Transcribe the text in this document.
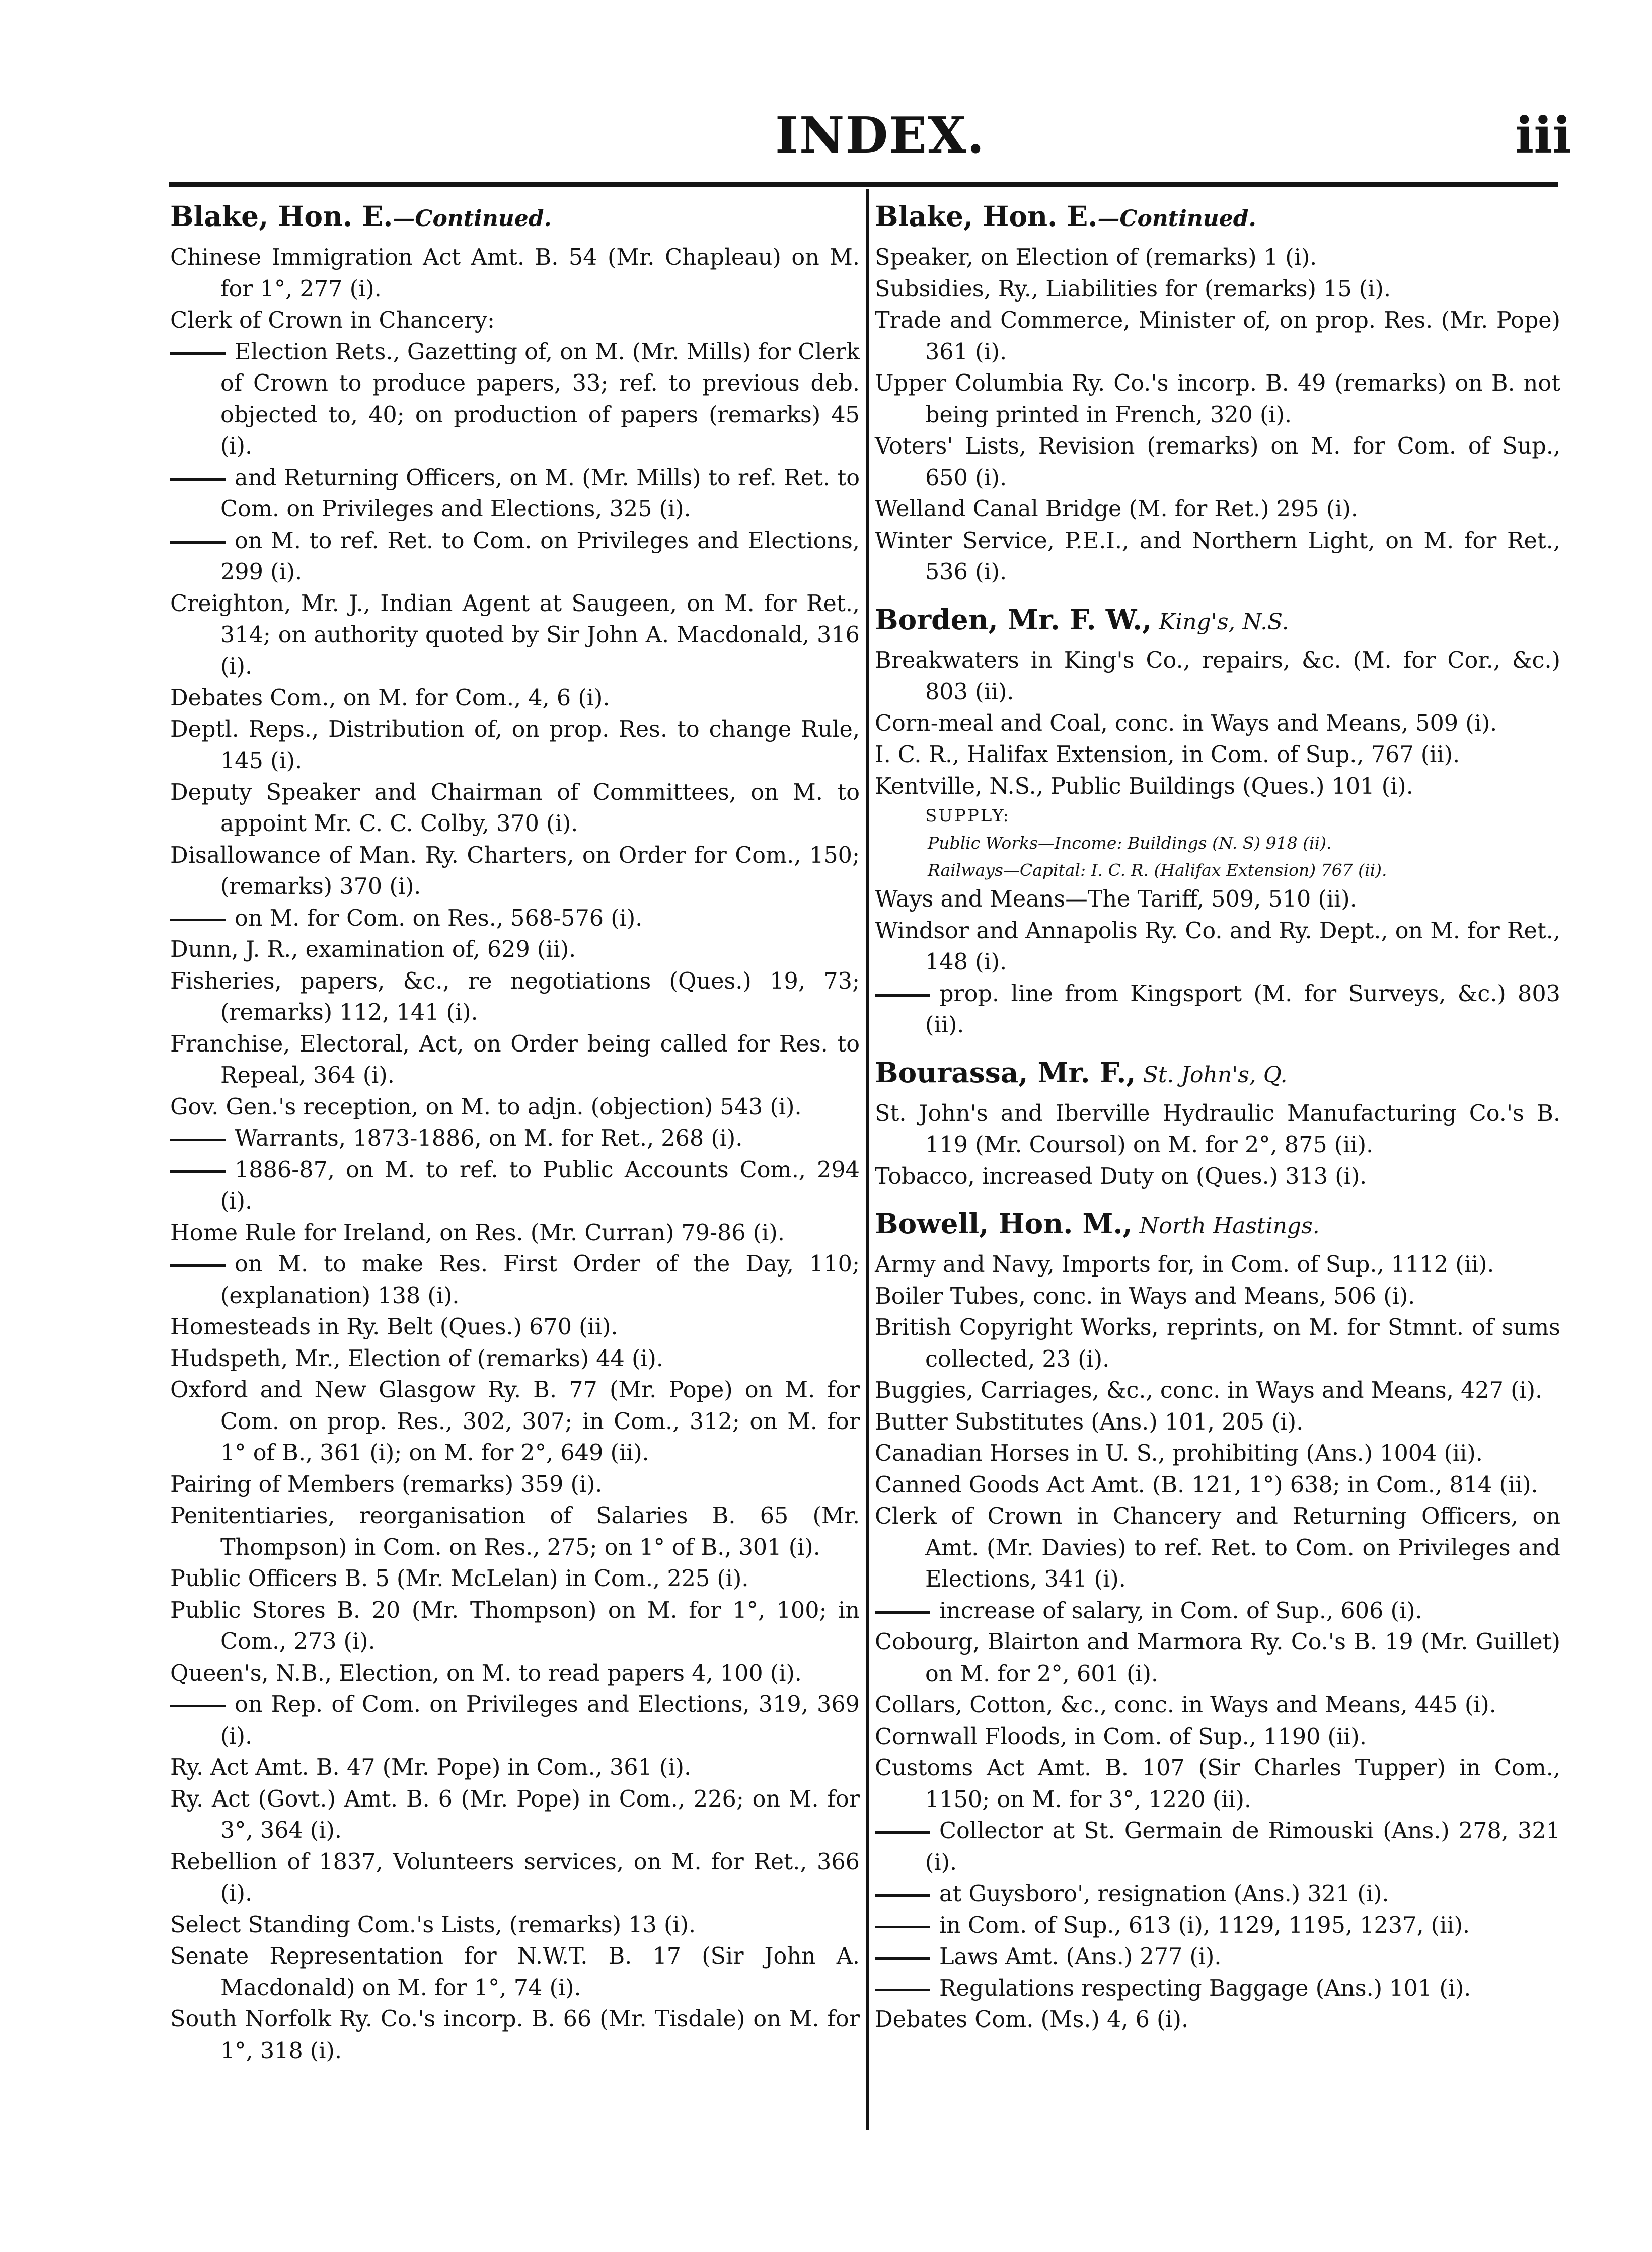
INDEX.	iii
Blake, Hon. E.—Continued.
Chinese Immigration Act Amt. B. 54 (Mr. Chapleau) on M. for 1°, 277 (i).
Clerk of Crown in Chancery:
Election Rets., Gazetting of, on M. (Mr. Mills) for Clerk of Crown to produce papers, 33; ref. to previous deb. objected to, 40; on production of papers (remarks) 45 (i).
and Returning Officers, on M. (Mr. Mills) to ref. Ret. to Com. on Privileges and Elections, 325 (i).
on M. to ref. Ret. to Com. on Privileges and Elections, 299 (i).
Creighton, Mr. J., Indian Agent at Saugeen, on M. for Ret., 314; on authority quoted by Sir John A. Macdonald, 316 (i).
Debates Com., on M. for Com., 4, 6 (i).
Deptl. Reps., Distribution of, on prop. Res. to change Rule, 145 (i).
Deputy Speaker and Chairman of Committees, on M. to appoint Mr. C. C. Colby, 370 (i).
Disallowance of Man. Ry. Charters, on Order for Com., 150; (remarks) 370 (i).
on M. for Com. on Res., 568-576 (i).
Dunn, J. R., examination of, 629 (ii).
Fisheries, papers, &c., re negotiations (Ques.) 19, 73; (remarks) 112, 141 (i).
Franchise, Electoral, Act, on Order being called for Res. to Repeal, 364 (i).
Gov. Gen.'s reception, on M. to adjn. (objection) 543 (i).
Warrants, 1873-1886, on M. for Ret., 268 (i).
1886-87, on M. to ref. to Public Accounts Com., 294 (i).
Home Rule for Ireland, on Res. (Mr. Curran) 79-86 (i).
on M. to make Res. First Order of the Day, 110; (explanation) 138 (i).
Homesteads in Ry. Belt (Ques.) 670 (ii).
Hudspeth, Mr., Election of (remarks) 44 (i).
Oxford and New Glasgow Ry. B. 77 (Mr. Pope) on M. for Com. on prop. Res., 302, 307; in Com., 312; on M. for 1° of B., 361 (i); on M. for 2°, 649 (ii).
Pairing of Members (remarks) 359 (i).
Penitentiaries, reorganisation of Salaries B. 65 (Mr. Thompson) in Com. on Res., 275; on 1° of B., 301 (i).
Public Officers B. 5 (Mr. McLelan) in Com., 225 (i).
Public Stores B. 20 (Mr. Thompson) on M. for 1°, 100; in Com., 273 (i).
Queen's, N.B., Election, on M. to read papers 4, 100 (i).
on Rep. of Com. on Privileges and Elections, 319, 369 (i).
Ry. Act Amt. B. 47 (Mr. Pope) in Com., 361 (i).
Ry. Act (Govt.) Amt. B. 6 (Mr. Pope) in Com., 226; on M. for 3°, 364 (i).
Rebellion of 1837, Volunteers services, on M. for Ret., 366 (i).
Select Standing Com.'s Lists, (remarks) 13 (i).
Senate Representation for N.W.T. B. 17 (Sir John A. Macdonald) on M. for 1°, 74 (i).
South Norfolk Ry. Co.'s incorp. B. 66 (Mr. Tisdale) on M. for 1°, 318 (i).
Blake, Hon. E.—Continued.
Speaker, on Election of (remarks) 1 (i).
Subsidies, Ry., Liabilities for (remarks) 15 (i).
Trade and Commerce, Minister of, on prop. Res. (Mr. Pope) 361 (i).
Upper Columbia Ry. Co.'s incorp. B. 49 (remarks) on B. not being printed in French, 320 (i).
Voters' Lists, Revision (remarks) on M. for Com. of Sup., 650 (i).
Welland Canal Bridge (M. for Ret.) 295 (i).
Winter Service, P.E.I., and Northern Light, on M. for Ret., 536 (i).
Borden, Mr. F. W., King's, N.S.
Breakwaters in King's Co., repairs, &c. (M. for Cor., &c.) 803 (ii).
Corn-meal and Coal, conc. in Ways and Means, 509 (i).
I. C. R., Halifax Extension, in Com. of Sup., 767 (ii).
Kentville, N.S., Public Buildings (Ques.) 101 (i).
SUPPLY:
Public Works—Income: Buildings (N. S) 918 (ii).
Railways—Capital: I. C. R. (Halifax Extension) 767 (ii).
Ways and Means—The Tariff, 509, 510 (ii).
Windsor and Annapolis Ry. Co. and Ry. Dept., on M. for Ret., 148 (i).
prop. line from Kingsport (M. for Surveys, &c.) 803 (ii).
Bourassa, Mr. F., St. John's, Q.
St. John's and Iberville Hydraulic Manufacturing Co.'s B. 119 (Mr. Coursol) on M. for 2°, 875 (ii).
Tobacco, increased Duty on (Ques.) 313 (i).
Bowell, Hon. M., North Hastings.
Army and Navy, Imports for, in Com. of Sup., 1112 (ii).
Boiler Tubes, conc. in Ways and Means, 506 (i).
British Copyright Works, reprints, on M. for Stmnt. of sums collected, 23 (i).
Buggies, Carriages, &c., conc. in Ways and Means, 427 (i).
Butter Substitutes (Ans.) 101, 205 (i).
Canadian Horses in U. S., prohibiting (Ans.) 1004 (ii).
Canned Goods Act Amt. (B. 121, 1°) 638; in Com., 814 (ii).
Clerk of Crown in Chancery and Returning Officers, on Amt. (Mr. Davies) to ref. Ret. to Com. on Privileges and Elections, 341 (i).
increase of salary, in Com. of Sup., 606 (i).
Cobourg, Blairton and Marmora Ry. Co.'s B. 19 (Mr. Guillet) on M. for 2°, 601 (i).
Collars, Cotton, &c., conc. in Ways and Means, 445 (i).
Cornwall Floods, in Com. of Sup., 1190 (ii).
Customs Act Amt. B. 107 (Sir Charles Tupper) in Com., 1150; on M. for 3°, 1220 (ii).
Collector at St. Germain de Rimouski (Ans.) 278, 321 (i).
at Guysboro', resignation (Ans.) 321 (i).
in Com. of Sup., 613 (i), 1129, 1195, 1237, (ii).
Laws Amt. (Ans.) 277 (i).
Regulations respecting Baggage (Ans.) 101 (i).
Debates Com. (Ms.) 4, 6 (i).
